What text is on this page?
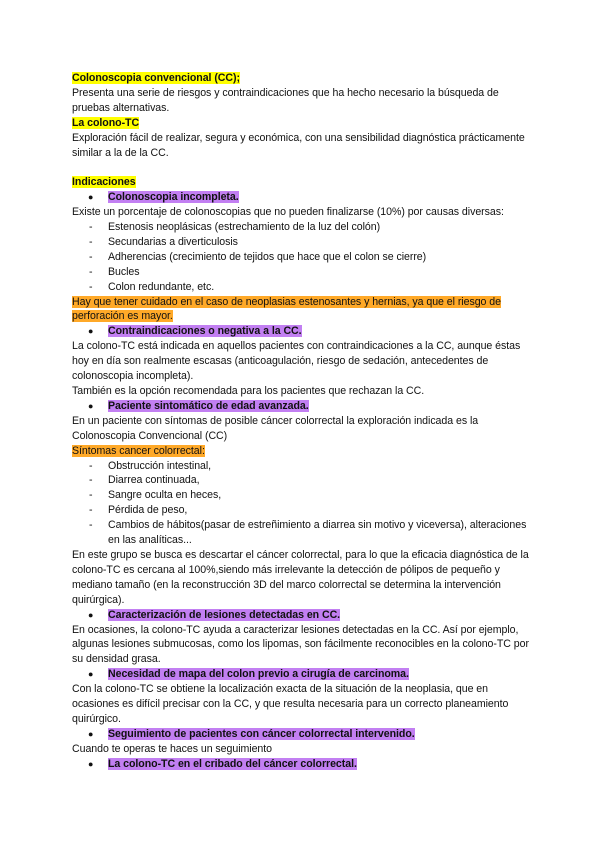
Colonoscopia convencional (CC);

Presenta una serie de riesgos y contraindicaciones que ha hecho necesario la búsqueda de pruebas alternativas.

La colono-TC

Exploración fácil de realizar, segura y económica, con una sensibilidad diagnóstica prácticamente similar a la de la CC.

Indicaciones

● Colonoscopia incompleta.

Existe un porcentaje de colonoscopias que no pueden finalizarse (10%) por causas diversas:

- Estenosis neoplásicas (estrechamiento de la luz del colón)

- Secundarias a diverticulosis

- Adherencias (crecimiento de tejidos que hace que el colon se cierre)

- Bucles

- Colon redundante, etc.

Hay que tener cuidado en el caso de neoplasias estenosantes y hernias, ya que el riesgo de perforación es mayor.

● Contraindicaciones o negativa a la CC.

La colono-TC está indicada en aquellos pacientes con contraindicaciones a la CC, aunque éstas hoy en día son realmente escasas (anticoagulación, riesgo de sedación, antecedentes de colonoscopia incompleta).

También es la opción recomendada para los pacientes que rechazan la CC.

● Paciente sintomático de edad avanzada.

En un paciente con síntomas de posible cáncer colorrectal la exploración indicada es la Colonoscopia Convencional (CC)

Síntomas cancer colorrectal:

- Obstrucción intestinal,

- Diarrea continuada,

- Sangre oculta en heces,

- Pérdida de peso,

- Cambios de hábitos(pasar de estreñimiento a diarrea sin motivo y viceversa), alteraciones en las analíticas...

En este grupo se busca es descartar el cáncer colorrectal, para lo que la eficacia diagnóstica de la colono-TC es cercana al 100%,siendo más irrelevante la detección de pólipos de pequeño y mediano tamaño (en la reconstrucción 3D del marco colorrectal se determina la intervención quirúrgica).

● Caracterización de lesiones detectadas en CC.

En ocasiones, la colono-TC ayuda a caracterizar lesiones detectadas en la CC. Así por ejemplo, algunas lesiones submucosas, como los lipomas, son fácilmente reconocibles en la colono-TC por su densidad grasa.

● Necesidad de mapa del colon previo a cirugía de carcinoma.

Con la colono-TC se obtiene la localización exacta de la situación de la neoplasia, que en ocasiones es difícil precisar con la CC, y que resulta necesaria para un correcto planeamiento quirúrgico.

● Seguimiento de pacientes con cáncer colorrectal intervenido.

Cuando te operas te haces un seguimiento

● La colono-TC en el cribado del cáncer colorrectal.
